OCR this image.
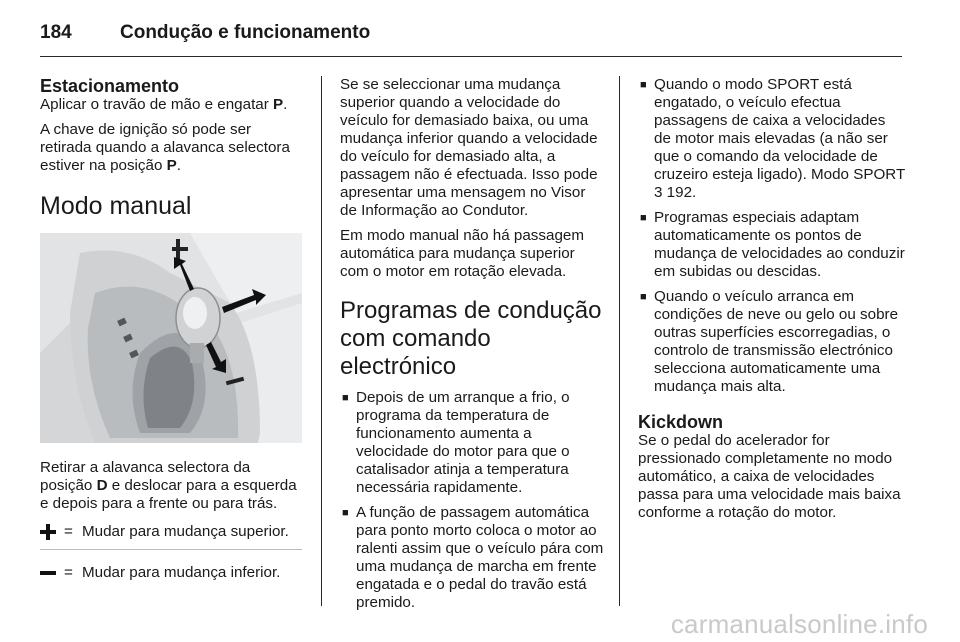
184	Condução e funcionamento
Estacionamento

Aplicar o travão de mão e engatar P.

A chave de ignição só pode ser retirada quando a alavanca selectora estiver na posição P.

Modo manual

Retirar a alavanca selectora da

posição D e deslocar para a esquerda e depois para a frente ou para trás.

= Mudar para mudança superior.
= Mudar para mudança inferior.

Se se seleccionar uma mudança superior quando a velocidade do veículo for demasiado baixa, ou uma mudança inferior quando a velocidade do veículo for demasiado alta, a passagem não é efectuada. Isso pode apresentar uma mensagem no Visor de Informação ao Condutor.

Em modo manual não há passagem automática para mudança superior com o motor em rotação elevada.

Programas de condução com comando electrónico
■ Depois de um arranque a frio, o programa da temperatura de funcionamento aumenta a velocidade do motor para que o catalisador atinja a temperatura necessária rapidamente.
■ A função de passagem automática para ponto morto coloca o motor ao ralenti assim que o veículo pára com uma mudança de marcha em frente engatada e o pedal do travão está premido.
■ Quando o modo SPORT está engatado, o veículo efectua passagens de caixa a velocidades de motor mais elevadas (a não ser que o comando da velocidade de cruzeiro esteja ligado). Modo SPORT 3 192.
■ Programas especiais adaptam automaticamente os pontos de mudança de velocidades ao conduzir em subidas ou descidas.
■ Quando o veículo arranca em condições de neve ou gelo ou sobre outras superfícies escorregadias, o controlo de transmissão electrónico selecciona automaticamente uma mudança mais alta.
Kickdown

Se o pedal do acelerador for pressionado completamente no modo automático, a caixa de velocidades passa para uma velocidade mais baixa conforme a rotação do motor.

carmanualsonline.info
